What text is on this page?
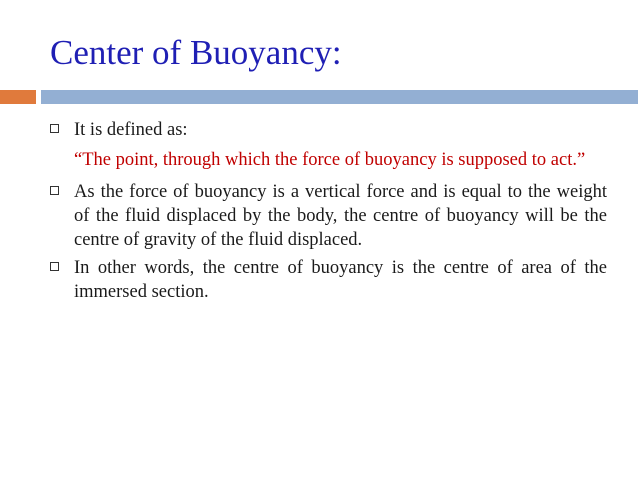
Center of Buoyancy:
It is defined as:
“The point, through which the force of buoyancy is supposed to act.”
As the force of buoyancy is a vertical force and is equal to the weight of the fluid displaced by the body, the centre of buoyancy will be the centre of gravity of the fluid displaced.
In other words, the centre of buoyancy is the centre of area of the immersed section.
